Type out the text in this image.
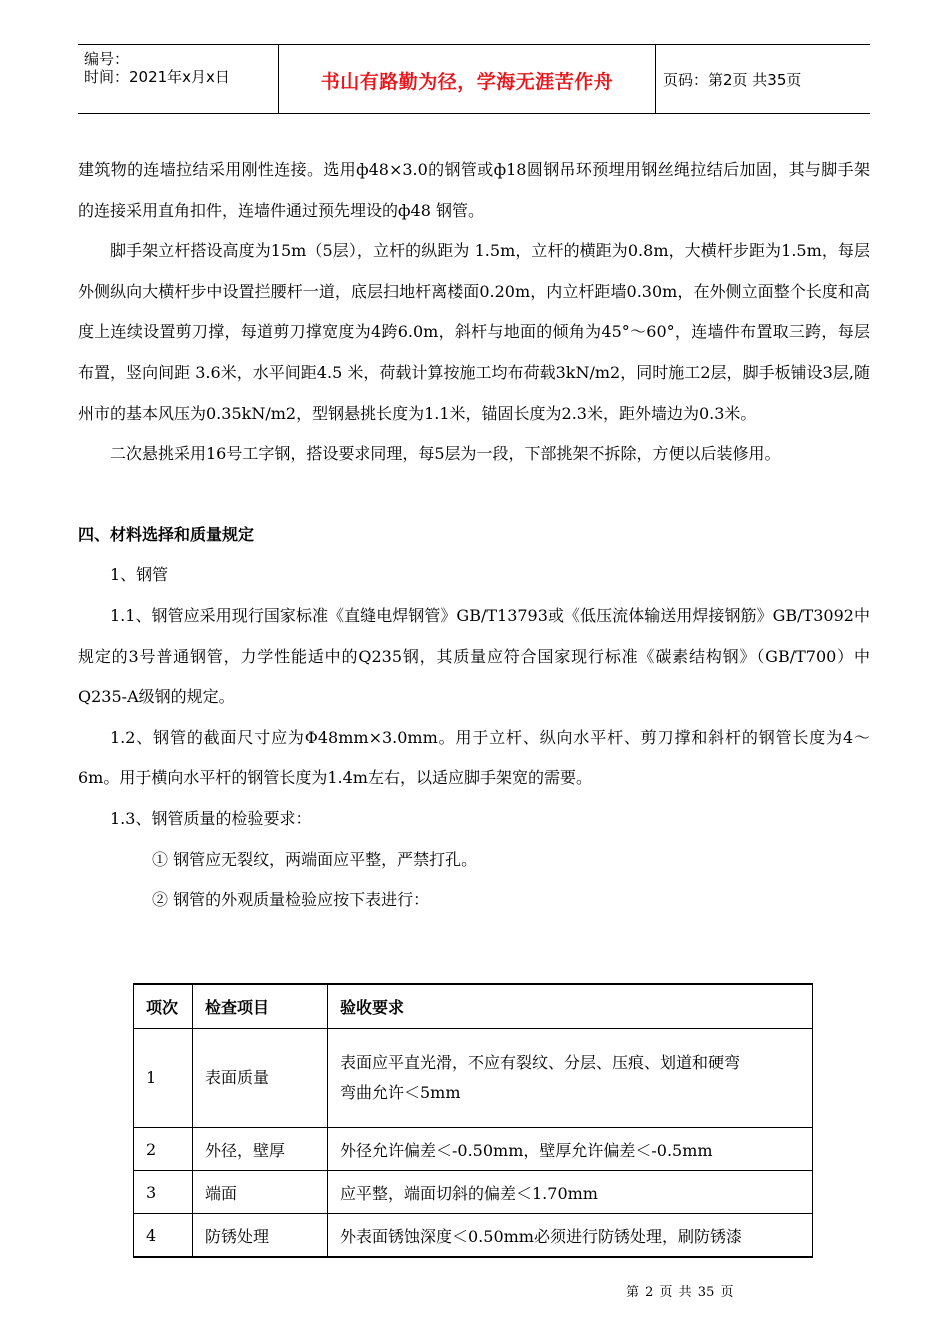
编号：
时间：2021年x月x日	书山有路勤为径，学海无涯苦作舟	页码：第2页 共35页

建筑物的连墙拉结采用刚性连接。选用ф48×3.0的钢管或ф18圆钢吊环预埋用钢丝绳拉结后加固，其与脚手架的连接采用直角扣件，连墙件通过预先埋设的ф48 钢管。

脚手架立杆搭设高度为15m（5层），立杆的纵距为 1.5m，立杆的横距为0.8m，大横杆步距为1.5m，每层外侧纵向大横杆步中设置拦腰杆一道，底层扫地杆离楼面0.20m，内立杆距墙0.30m，在外侧立面整个长度和高度上连续设置剪刀撑，每道剪刀撑宽度为4跨6.0m，斜杆与地面的倾角为45°～60°，连墙件布置取三跨，每层布置，竖向间距 3.6米，水平间距4.5 米，荷载计算按施工均布荷载3kN/m2，同时施工2层，脚手板铺设3层,随州市的基本风压为0.35kN/m2，型钢悬挑长度为1.1米，锚固长度为2.3米，距外墙边为0.3米。

二次悬挑采用16号工字钢，搭设要求同理，每5层为一段，下部挑架不拆除，方便以后装修用。

四、材料选择和质量规定

1、钢管

1.1、钢管应采用现行国家标准《直缝电焊钢管》GB/T13793或《低压流体输送用焊接钢筋》GB/T3092中规定的3号普通钢管，力学性能适中的Q235钢，其质量应符合国家现行标准《碳素结构钢》（GB/T700）中Q235-A级钢的规定。

1.2、钢管的截面尺寸应为Φ48mm×3.0mm。用于立杆、纵向水平杆、剪刀撑和斜杆的钢管长度为4～6m。用于横向水平杆的钢管长度为1.4m左右，以适应脚手架宽的需要。

1.3、钢管质量的检验要求：

① 钢管应无裂纹，两端面应平整，严禁打孔。

② 钢管的外观质量检验应按下表进行：

项次	检查项目	验收要求
1	表面质量	表面应平直光滑，不应有裂纹、分层、压痕、划道和硬弯
弯曲允许＜5mm

2	外径，壁厚	外径允许偏差＜-0.50mm，壁厚允许偏差＜-0.5mm
3	端面	应平整，端面切斜的偏差＜1.70mm
4	防锈处理	外表面锈蚀深度＜0.50mm必须进行防锈处理，刷防锈漆
第 2 页 共 35 页
